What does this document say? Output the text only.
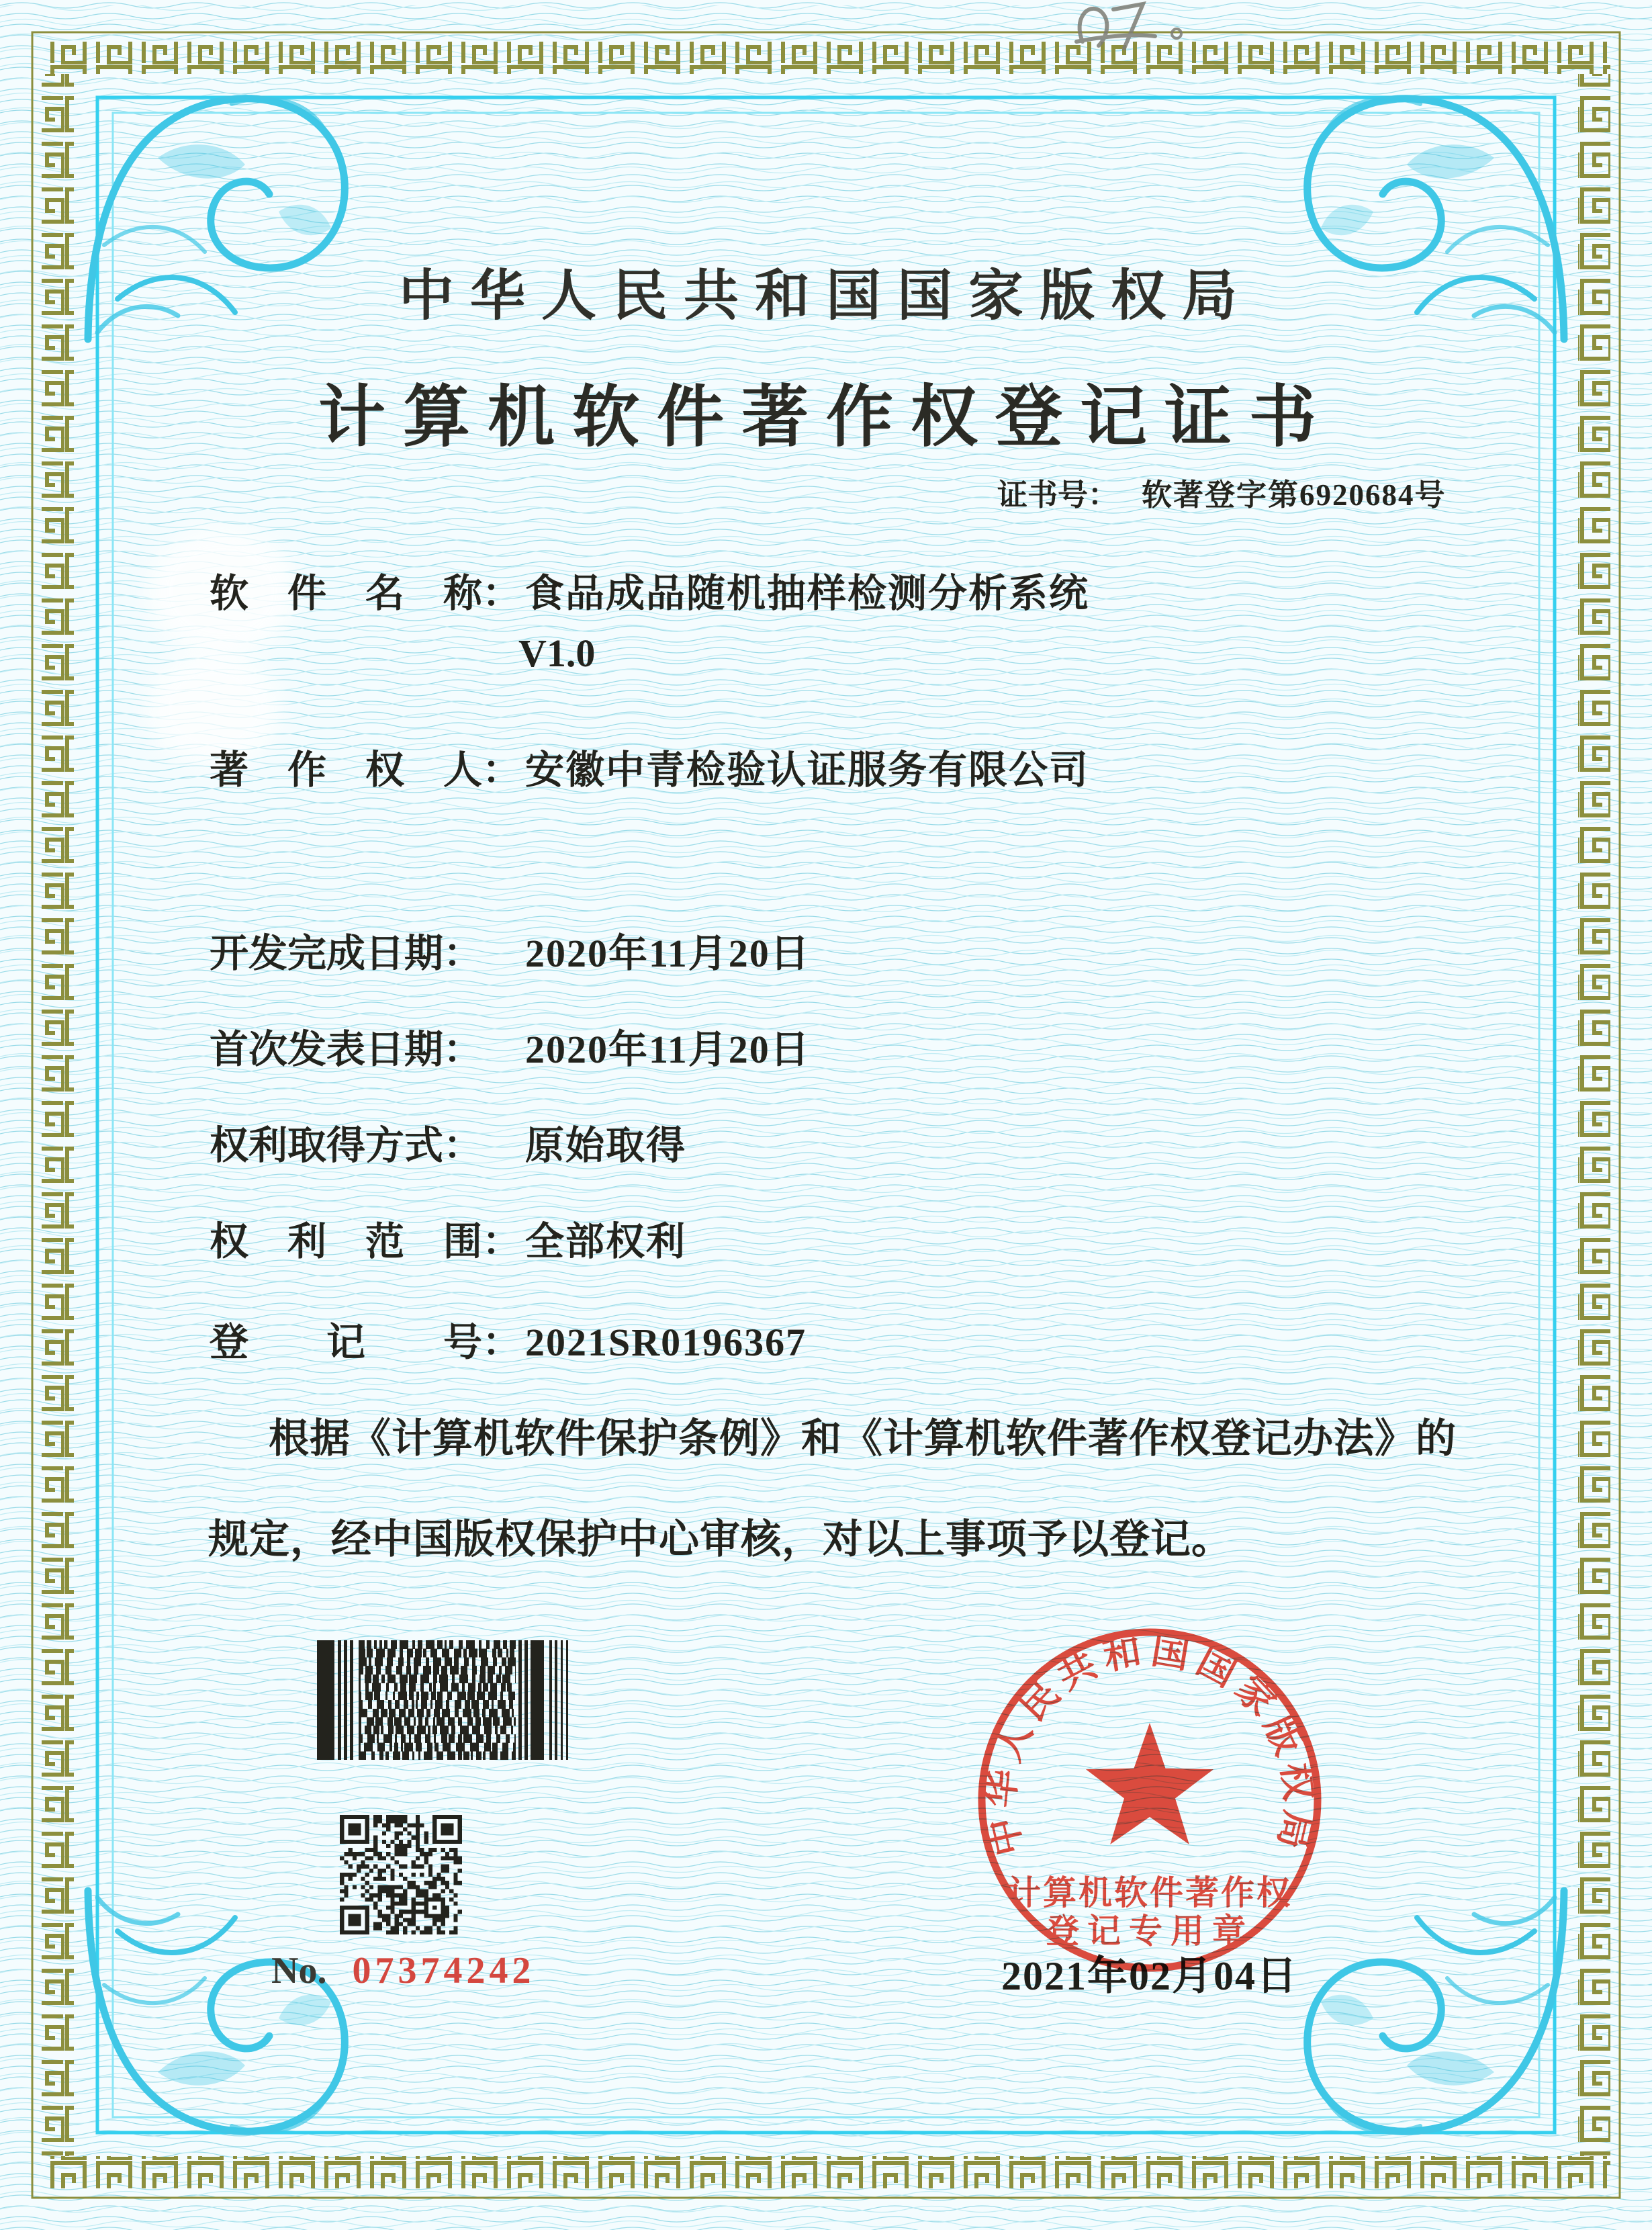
中华人民共和国国家版权局
计算机软件著作权登记证书
证书号： 软著登字第6920684号
软　件　名　称： 食品成品随机抽样检测分析系统
V1.0
著　作　权　人： 安徽中青检验认证服务有限公司
开发完成日期： 2020年11月20日
首次发表日期： 2020年11月20日
权利取得方式： 原始取得
权　利　范　围： 全部权利
登　　记　　号： 2021SR0196367
根据《计算机软件保护条例》和《计算机软件著作权登记办法》的
规定，经中国版权保护中心审核，对以上事项予以登记。
中华人民共和国国家版权局
计算机软件著作权
登记专用章
2021年02月04日
No. 07374242
